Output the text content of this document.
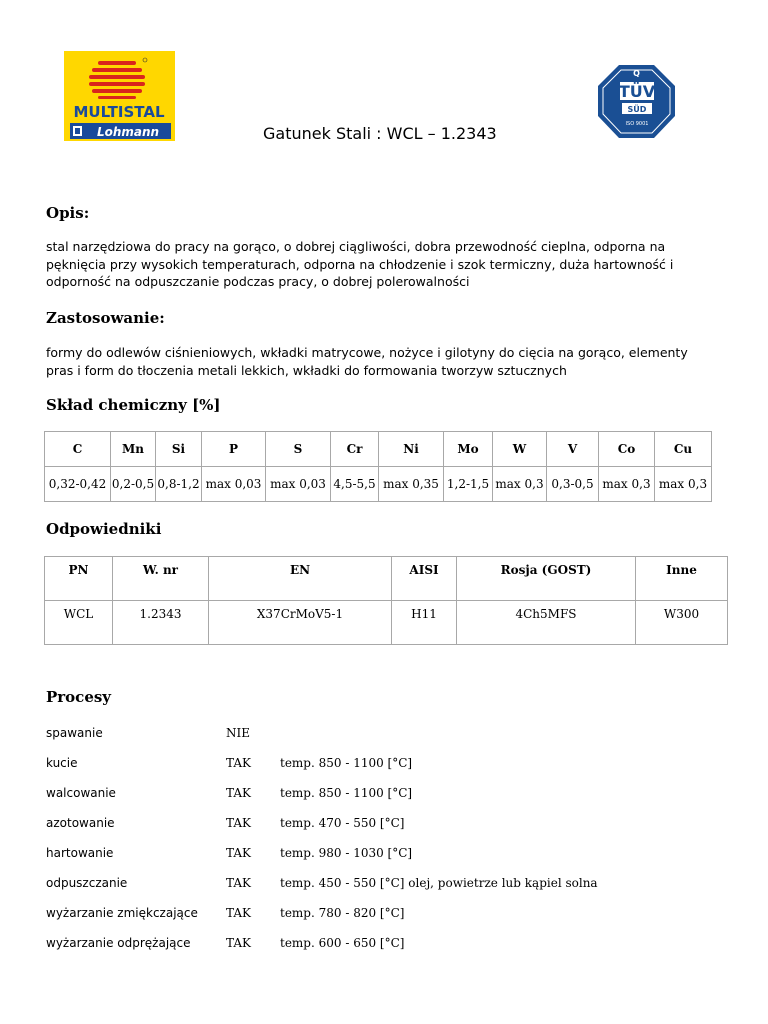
MULTISTAL
Lohmann
Q
TÜV
SÜD
ISO 9001
Gatunek Stali : WCL – 1.2343
Opis:
stal narzędziowa do pracy na gorąco, o dobrej ciągliwości, dobra przewodność cieplna, odporna na
pęknięcia przy wysokich temperaturach, odporna na chłodzenie i szok termiczny, duża hartowność i
odporność na odpuszczanie podczas pracy, o dobrej polerowalności
Zastosowanie:
formy do odlewów ciśnieniowych, wkładki matrycowe, nożyce i gilotyny do cięcia na gorąco, elementy
pras i form do tłoczenia metali lekkich, wkładki do formowania tworzyw sztucznych
Skład chemiczny [%]
C	Mn	Si	P	S	Cr	Ni	Mo	W	V	Co	Cu
0,32-0,42	0,2-0,5	0,8-1,2	max 0,03	max 0,03	4,5-5,5	max 0,35	1,2-1,5	max 0,3	0,3-0,5	max 0,3	max 0,3
Odpowiedniki
PN	W. nr	EN	AISI	Rosja (GOST)	Inne
WCL	1.2343	X37CrMoV5-1	H11	4Ch5MFS	W300
Procesy
spawanie	NIE
kucie	TAK temp. 850 - 1100 [°C]
walcowanie	TAK temp. 850 - 1100 [°C]
azotowanie	TAK temp. 470 - 550 [°C]
hartowanie	TAK temp. 980 - 1030 [°C]
odpuszczanie	TAK temp. 450 - 550 [°C] olej, powietrze lub kąpiel solna
wyżarzanie zmiękczające TAK temp. 780 - 820 [°C]
wyżarzanie odprężające	TAK temp. 600 - 650 [°C]
